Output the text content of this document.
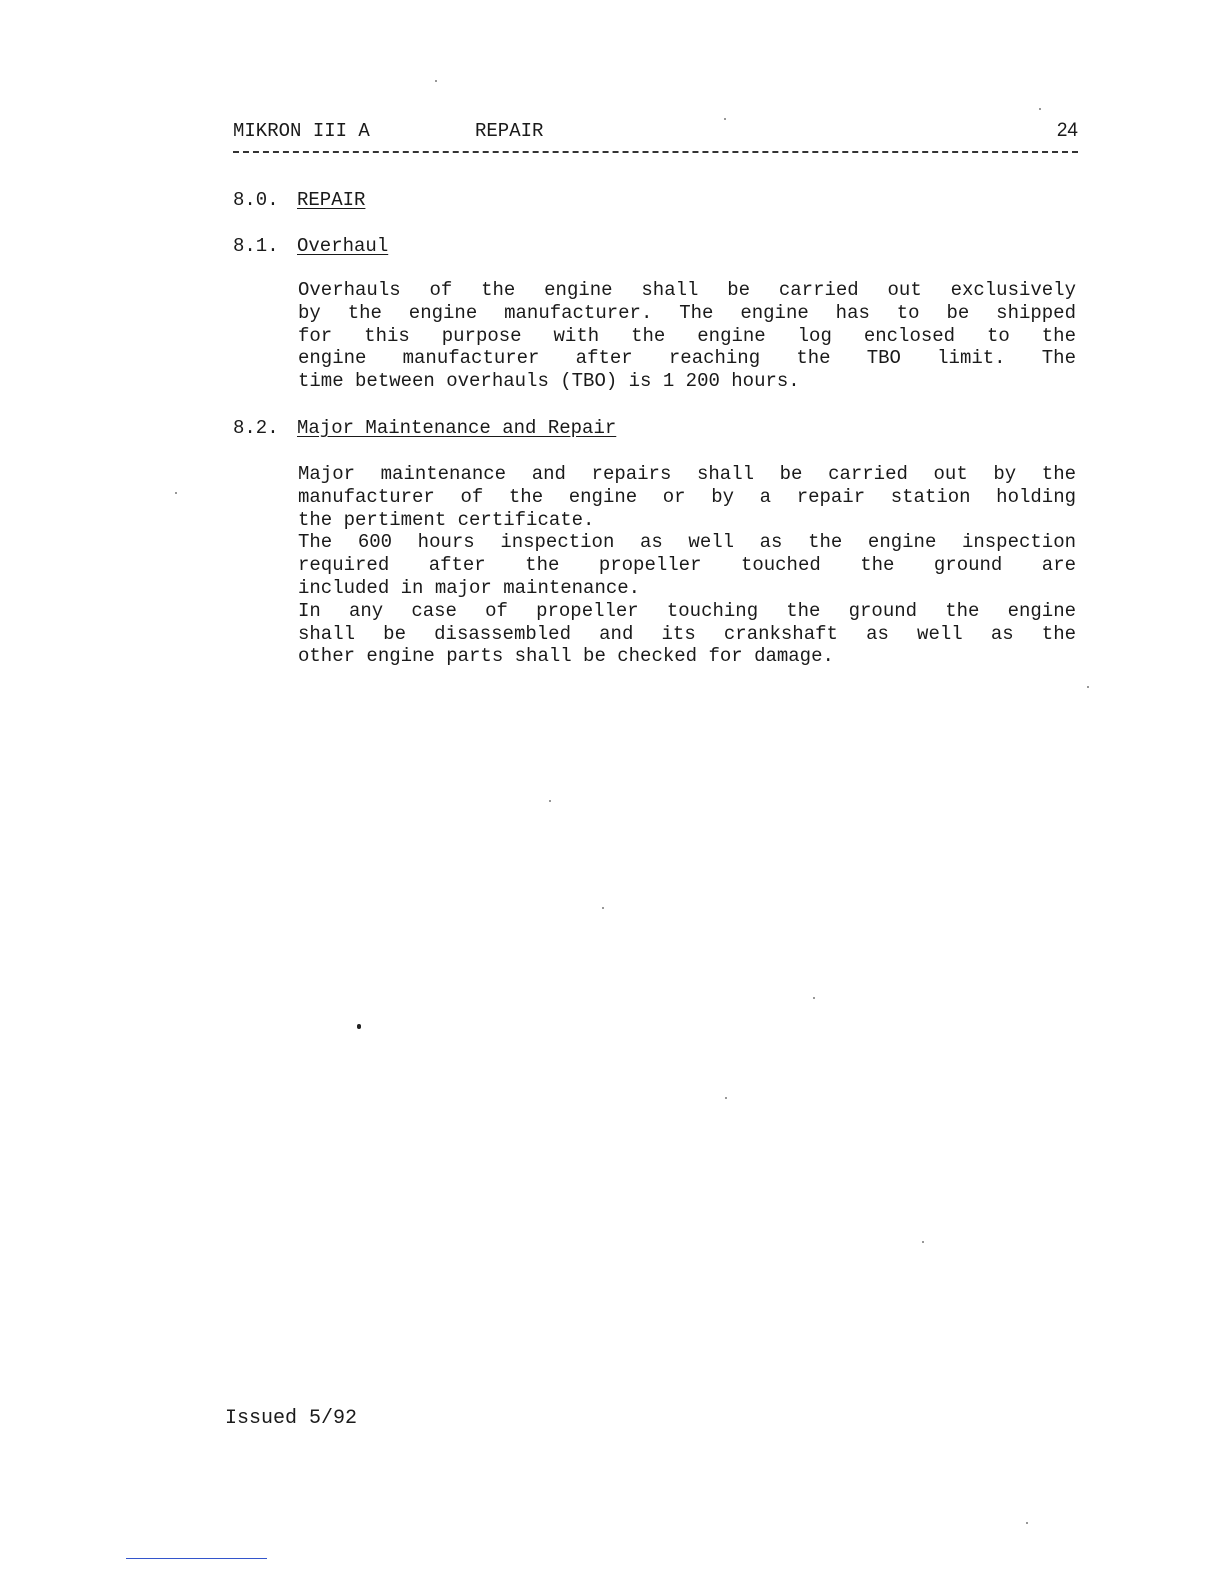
MIKRON III A	REPAIR	24
8.0. REPAIR
8.1. Overhaul
Overhauls of the engine shall be carried out exclusively
by the engine manufacturer. The engine has to be shipped
for this purpose with the engine log enclosed to the
engine manufacturer after reaching the TBO limit. The
time between overhauls (TBO) is 1 200 hours.
8.2. Major Maintenance and Repair
Major maintenance and repairs shall be carried out by the
manufacturer of the engine or by a repair station holding
the pertiment certificate.
The 600 hours inspection as well as the engine inspection
required after the propeller touched the ground are
included in major maintenance.
In any case of propeller touching the ground the engine
shall be disassembled and its crankshaft as well as the
other engine parts shall be checked for damage.
Issued 5/92
